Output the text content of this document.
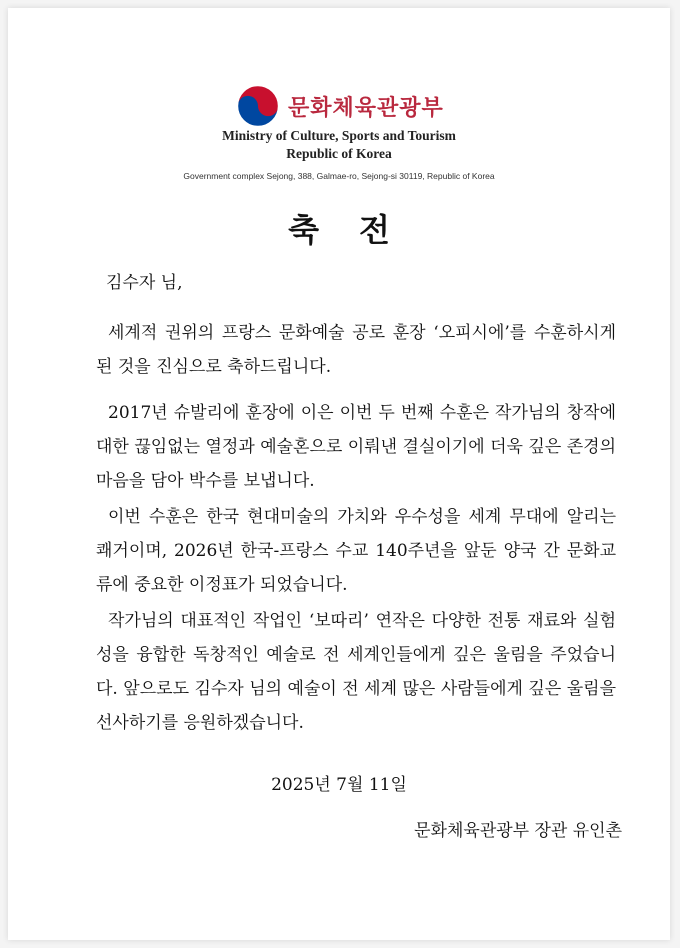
문화체육관광부
Ministry of Culture, Sports and Tourism
Republic of Korea
Government complex Sejong, 388, Galmae-ro, Sejong-si 30119, Republic of Korea
축전
김수자 님,
세계적 권위의 프랑스 문화예술 공로 훈장 ‘오피시에’를 수훈하시게 된 것을 진심으로 축하드립니다.
2017년 슈발리에 훈장에 이은 이번 두 번째 수훈은 작가님의 창작에 대한 끊임없는 열정과 예술혼으로 이뤄낸 결실이기에 더욱 깊은 존경의 마음을 담아 박수를 보냅니다.
이번 수훈은 한국 현대미술의 가치와 우수성을 세계 무대에 알리는 쾌거이며, 2026년 한국-프랑스 수교 140주년을 앞둔 양국 간 문화교류에 중요한 이정표가 되었습니다.
작가님의 대표적인 작업인 ‘보따리’ 연작은 다양한 전통 재료와 실험성을 융합한 독창적인 예술로 전 세계인들에게 깊은 울림을 주었습니다. 앞으로도 김수자 님의 예술이 전 세계 많은 사람들에게 깊은 울림을 선사하기를 응원하겠습니다.
2025년 7월 11일
문화체육관광부 장관 유인촌
